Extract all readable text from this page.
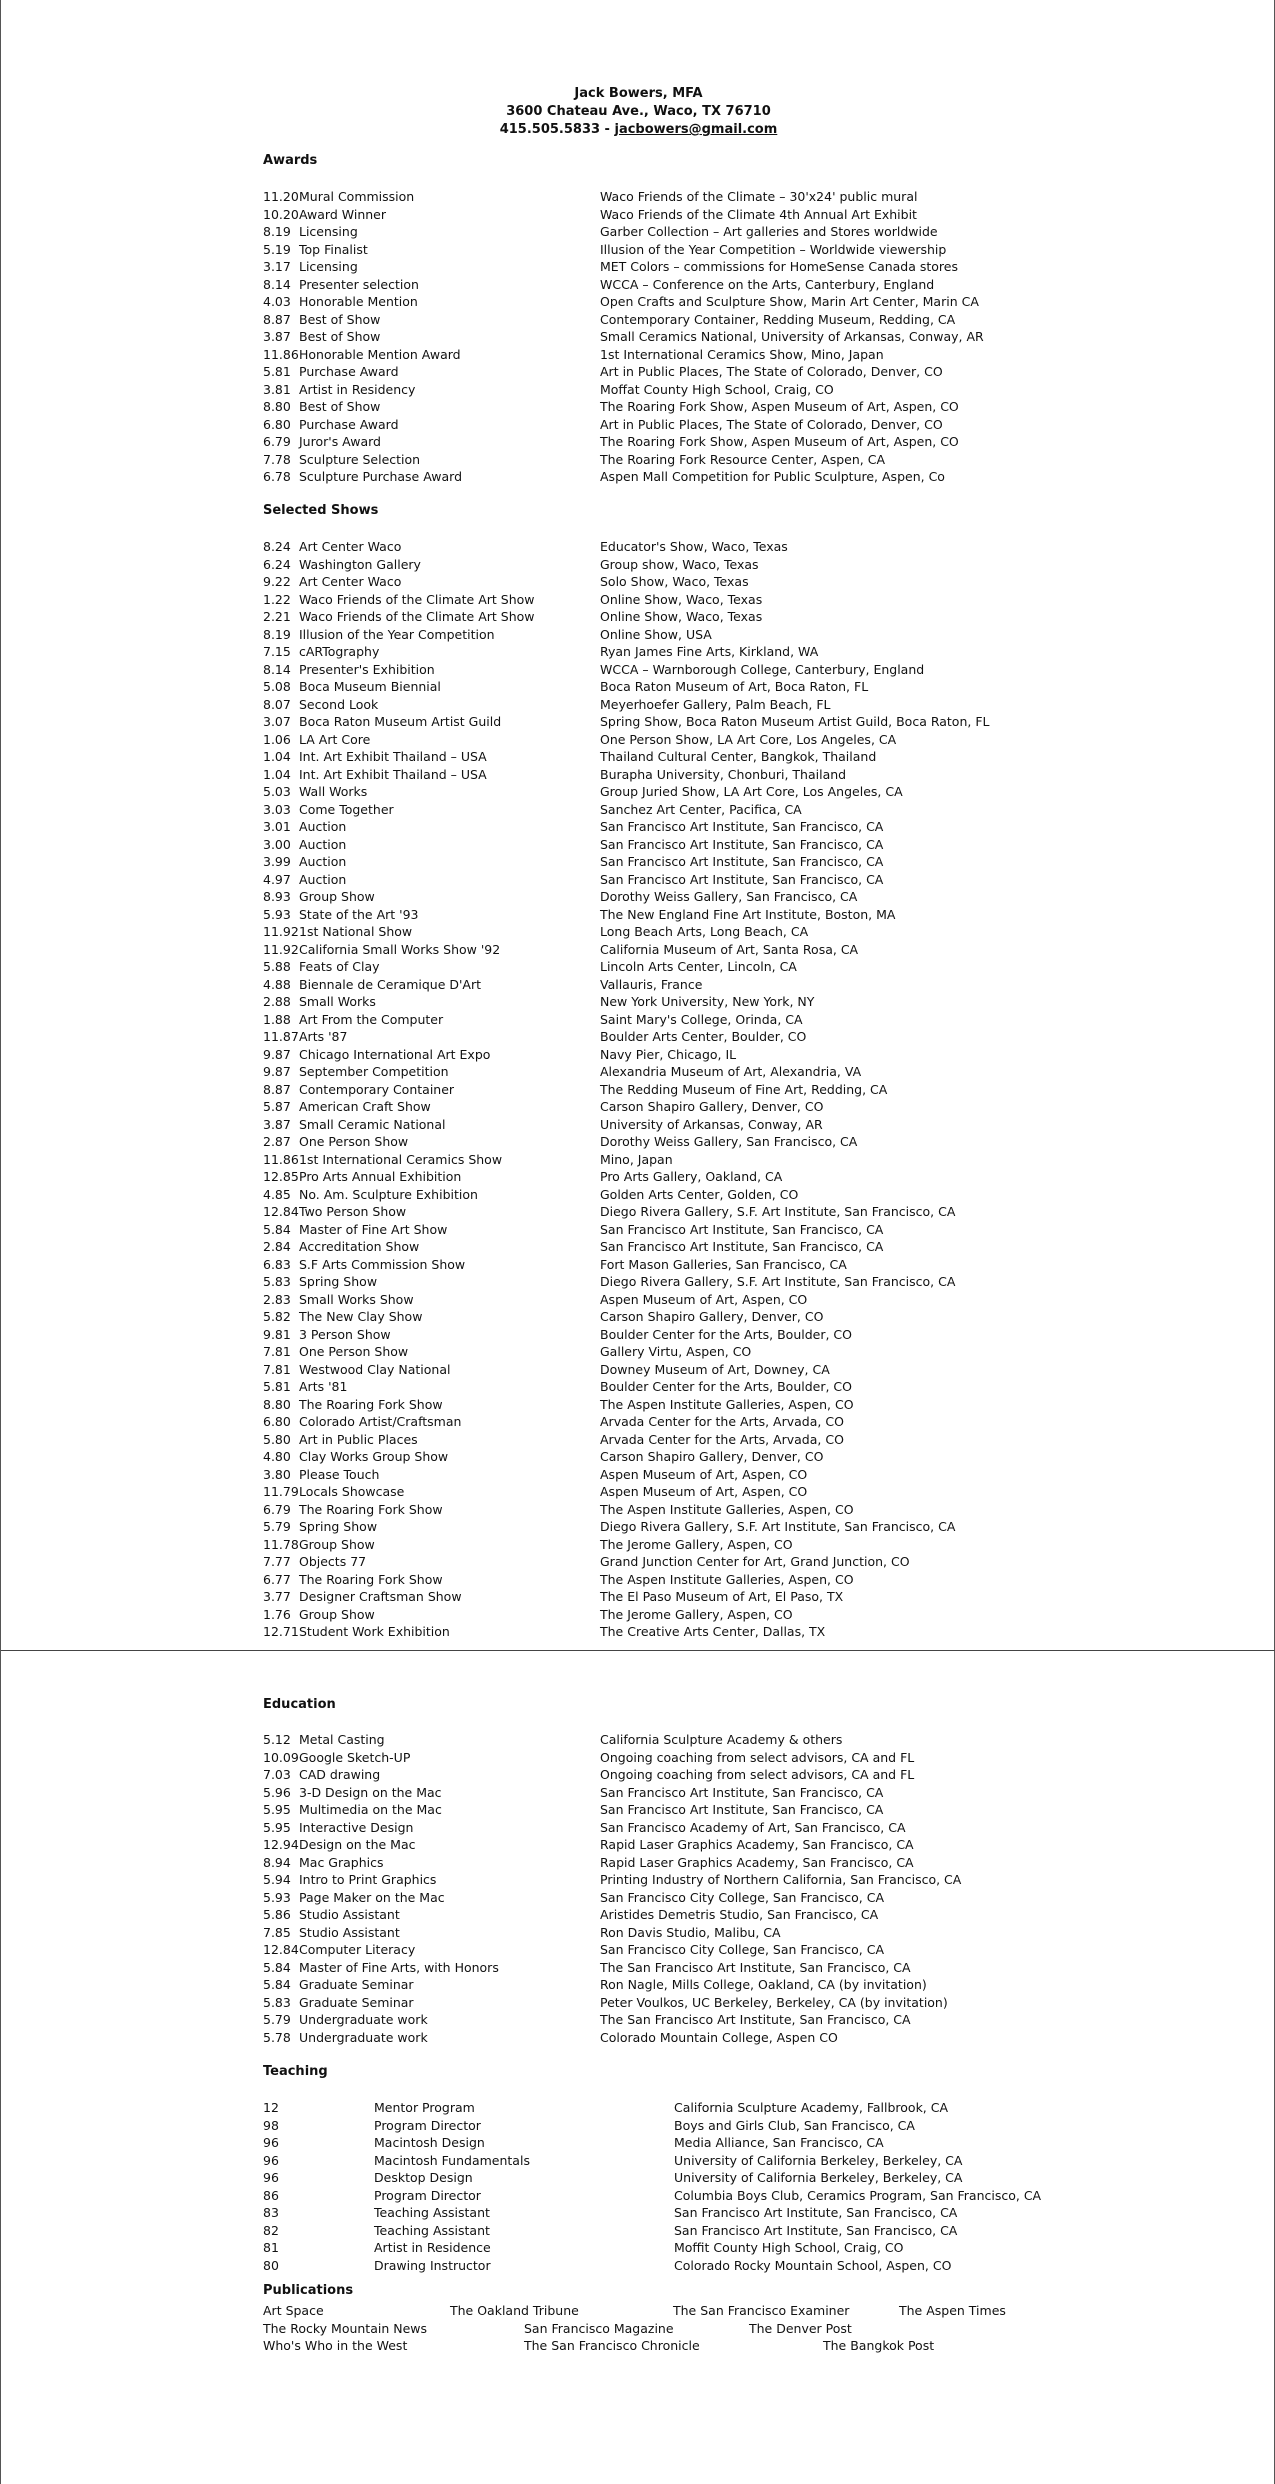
Jack Bowers, MFA
3600 Chateau Ave., Waco, TX 76710
415.505.5833 - jacbowers@gmail.com
Awards
11.20 Mural Commission	Waco Friends of the Climate – 30'x24' public mural
10.20 Award Winner	Waco Friends of the Climate 4th Annual Art Exhibit
8.19 Licensing	Garber Collection – Art galleries and Stores worldwide
5.19 Top Finalist	Illusion of the Year Competition – Worldwide viewership
3.17 Licensing	MET Colors – commissions for HomeSense Canada stores
8.14 Presenter selection	WCCA – Conference on the Arts, Canterbury, England
4.03 Honorable Mention	Open Crafts and Sculpture Show, Marin Art Center, Marin CA
8.87 Best of Show	Contemporary Container, Redding Museum, Redding, CA
3.87 Best of Show	Small Ceramics National, University of Arkansas, Conway, AR
11.86 Honorable Mention Award	1st International Ceramics Show, Mino, Japan
5.81 Purchase Award	Art in Public Places, The State of Colorado, Denver, CO
3.81 Artist in Residency	Moffat County High School, Craig, CO
8.80 Best of Show	The Roaring Fork Show, Aspen Museum of Art, Aspen, CO
6.80 Purchase Award	Art in Public Places, The State of Colorado, Denver, CO
6.79 Juror's Award	The Roaring Fork Show, Aspen Museum of Art, Aspen, CO
7.78 Sculpture Selection	The Roaring Fork Resource Center, Aspen, CA
6.78 Sculpture Purchase Award	Aspen Mall Competition for Public Sculpture, Aspen, Co
Selected Shows
8.24 Art Center Waco	Educator's Show, Waco, Texas
6.24 Washington Gallery	Group show, Waco, Texas
9.22 Art Center Waco	Solo Show, Waco, Texas
1.22 Waco Friends of the Climate Art Show	Online Show, Waco, Texas
2.21 Waco Friends of the Climate Art Show	Online Show, Waco, Texas
8.19 Illusion of the Year Competition	Online Show, USA
7.15 cARTography	Ryan James Fine Arts, Kirkland, WA
8.14 Presenter's Exhibition	WCCA – Warnborough College, Canterbury, England
5.08 Boca Museum Biennial	Boca Raton Museum of Art, Boca Raton, FL
8.07 Second Look	Meyerhoefer Gallery, Palm Beach, FL
3.07 Boca Raton Museum Artist Guild	Spring Show, Boca Raton Museum Artist Guild, Boca Raton, FL
1.06 LA Art Core	One Person Show, LA Art Core, Los Angeles, CA
1.04 Int. Art Exhibit Thailand – USA	Thailand Cultural Center, Bangkok, Thailand
1.04 Int. Art Exhibit Thailand – USA	Burapha University, Chonburi, Thailand
5.03 Wall Works	Group Juried Show, LA Art Core, Los Angeles, CA
3.03 Come Together	Sanchez Art Center, Pacifica, CA
3.01 Auction	San Francisco Art Institute, San Francisco, CA
3.00 Auction	San Francisco Art Institute, San Francisco, CA
3.99 Auction	San Francisco Art Institute, San Francisco, CA
4.97 Auction	San Francisco Art Institute, San Francisco, CA
8.93 Group Show	Dorothy Weiss Gallery, San Francisco, CA
5.93 State of the Art '93	The New England Fine Art Institute, Boston, MA
11.92 1st National Show	Long Beach Arts, Long Beach, CA
11.92 California Small Works Show '92	California Museum of Art, Santa Rosa, CA
5.88 Feats of Clay	Lincoln Arts Center, Lincoln, CA
4.88 Biennale de Ceramique D'Art	Vallauris, France
2.88 Small Works	New York University, New York, NY
1.88 Art From the Computer	Saint Mary's College, Orinda, CA
11.87 Arts '87	Boulder Arts Center, Boulder, CO
9.87 Chicago International Art Expo	Navy Pier, Chicago, IL
9.87 September Competition	Alexandria Museum of Art, Alexandria, VA
8.87 Contemporary Container	The Redding Museum of Fine Art, Redding, CA
5.87 American Craft Show	Carson Shapiro Gallery, Denver, CO
3.87 Small Ceramic National	University of Arkansas, Conway, AR
2.87 One Person Show	Dorothy Weiss Gallery, San Francisco, CA
11.86 1st International Ceramics Show	Mino, Japan
12.85 Pro Arts Annual Exhibition	Pro Arts Gallery, Oakland, CA
4.85 No. Am. Sculpture Exhibition	Golden Arts Center, Golden, CO
12.84 Two Person Show	Diego Rivera Gallery, S.F. Art Institute, San Francisco, CA
5.84 Master of Fine Art Show	San Francisco Art Institute, San Francisco, CA
2.84 Accreditation Show	San Francisco Art Institute, San Francisco, CA
6.83 S.F Arts Commission Show	Fort Mason Galleries, San Francisco, CA
5.83 Spring Show	Diego Rivera Gallery, S.F. Art Institute, San Francisco, CA
2.83 Small Works Show	Aspen Museum of Art, Aspen, CO
5.82 The New Clay Show	Carson Shapiro Gallery, Denver, CO
9.81 3 Person Show	Boulder Center for the Arts, Boulder, CO
7.81 One Person Show	Gallery Virtu, Aspen, CO
7.81 Westwood Clay National	Downey Museum of Art, Downey, CA
5.81 Arts '81	Boulder Center for the Arts, Boulder, CO
8.80 The Roaring Fork Show	The Aspen Institute Galleries, Aspen, CO
6.80 Colorado Artist/Craftsman	Arvada Center for the Arts, Arvada, CO
5.80 Art in Public Places	Arvada Center for the Arts, Arvada, CO
4.80 Clay Works Group Show	Carson Shapiro Gallery, Denver, CO
3.80 Please Touch	Aspen Museum of Art, Aspen, CO
11.79 Locals Showcase	Aspen Museum of Art, Aspen, CO
6.79 The Roaring Fork Show	The Aspen Institute Galleries, Aspen, CO
5.79 Spring Show	Diego Rivera Gallery, S.F. Art Institute, San Francisco, CA
11.78 Group Show	The Jerome Gallery, Aspen, CO
7.77 Objects 77	Grand Junction Center for Art, Grand Junction, CO
6.77 The Roaring Fork Show	The Aspen Institute Galleries, Aspen, CO
3.77 Designer Craftsman Show	The El Paso Museum of Art, El Paso, TX
1.76 Group Show	The Jerome Gallery, Aspen, CO
12.71 Student Work Exhibition	The Creative Arts Center, Dallas, TX
Education
5.12 Metal Casting	California Sculpture Academy & others
10.09 Google Sketch-UP	Ongoing coaching from select advisors, CA and FL
7.03 CAD drawing	Ongoing coaching from select advisors, CA and FL
5.96 3-D Design on the Mac	San Francisco Art Institute, San Francisco, CA
5.95 Multimedia on the Mac	San Francisco Art Institute, San Francisco, CA
5.95 Interactive Design	San Francisco Academy of Art, San Francisco, CA
12.94 Design on the Mac	Rapid Laser Graphics Academy, San Francisco, CA
8.94 Mac Graphics	Rapid Laser Graphics Academy, San Francisco, CA
5.94 Intro to Print Graphics	Printing Industry of Northern California, San Francisco, CA
5.93 Page Maker on the Mac	San Francisco City College, San Francisco, CA
5.86 Studio Assistant	Aristides Demetris Studio, San Francisco, CA
7.85 Studio Assistant	Ron Davis Studio, Malibu, CA
12.84 Computer Literacy	San Francisco City College, San Francisco, CA
5.84 Master of Fine Arts, with Honors	The San Francisco Art Institute, San Francisco, CA
5.84 Graduate Seminar	Ron Nagle, Mills College, Oakland, CA (by invitation)
5.83 Graduate Seminar	Peter Voulkos, UC Berkeley, Berkeley, CA (by invitation)
5.79 Undergraduate work	The San Francisco Art Institute, San Francisco, CA
5.78 Undergraduate work	Colorado Mountain College, Aspen CO
Teaching
12	Mentor Program	California Sculpture Academy, Fallbrook, CA
98	Program Director	Boys and Girls Club, San Francisco, CA
96	Macintosh Design	Media Alliance, San Francisco, CA
96	Macintosh Fundamentals	University of California Berkeley, Berkeley, CA
96	Desktop Design	University of California Berkeley, Berkeley, CA
86	Program Director	Columbia Boys Club, Ceramics Program, San Francisco, CA
83	Teaching Assistant	San Francisco Art Institute, San Francisco, CA
82	Teaching Assistant	San Francisco Art Institute, San Francisco, CA
81	Artist in Residence	Moffit County High School, Craig, CO
80	Drawing Instructor	Colorado Rocky Mountain School, Aspen, CO
Publications
Art Space	The Oakland Tribune	The San Francisco Examiner	The Aspen Times
The Rocky Mountain News	San Francisco Magazine	The Denver Post
Who's Who in the West	The San Francisco Chronicle	The Bangkok Post
